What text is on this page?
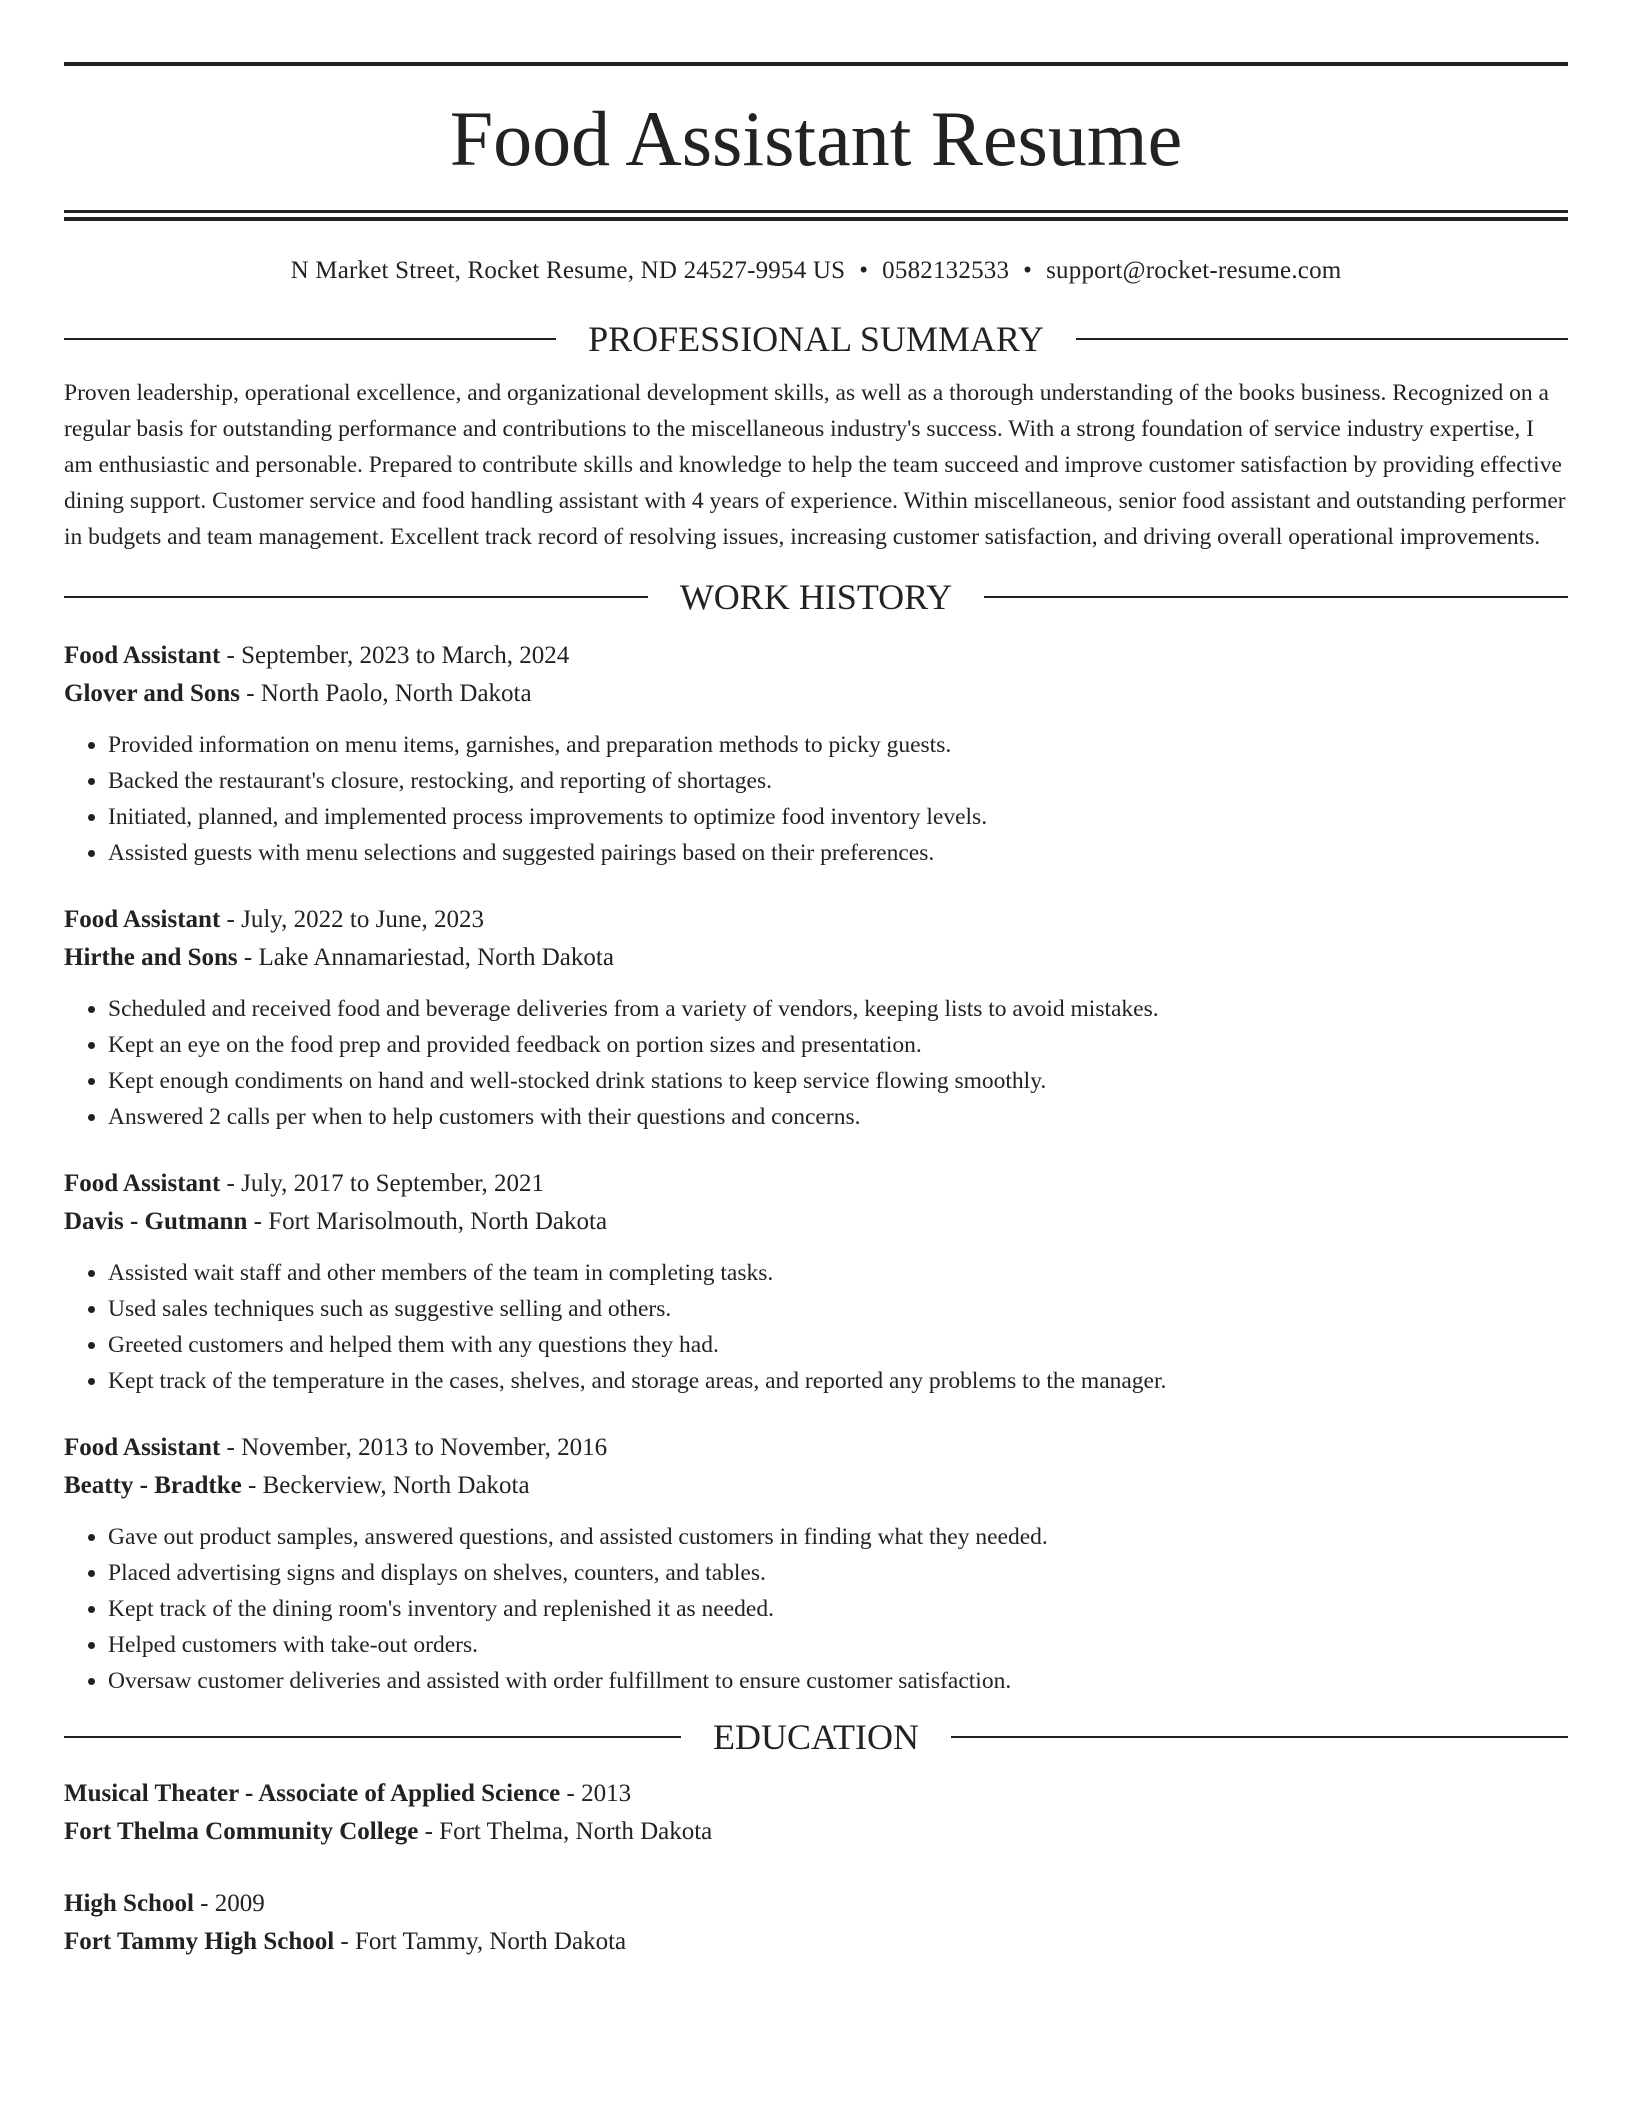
Food Assistant Resume
N Market Street, Rocket Resume, ND 24527-9954 US • 0582132533 • support@rocket-resume.com
PROFESSIONAL SUMMARY

Proven leadership, operational excellence, and organizational development skills, as well as a thorough understanding of the books business. Recognized on a regular basis for outstanding performance and contributions to the miscellaneous industry's success. With a strong foundation of service industry expertise, I am enthusiastic and personable. Prepared to contribute skills and knowledge to help the team succeed and improve customer satisfaction by providing effective dining support. Customer service and food handling assistant with 4 years of experience. Within miscellaneous, senior food assistant and outstanding performer in budgets and team management. Excellent track record of resolving issues, increasing customer satisfaction, and driving overall operational improvements.

WORK HISTORY
Food Assistant - September, 2023 to March, 2024
Glover and Sons - North Paolo, North Dakota
• Provided information on menu items, garnishes, and preparation methods to picky guests.
• Backed the restaurant's closure, restocking, and reporting of shortages.
• Initiated, planned, and implemented process improvements to optimize food inventory levels.
• Assisted guests with menu selections and suggested pairings based on their preferences.
Food Assistant - July, 2022 to June, 2023
Hirthe and Sons - Lake Annamariestad, North Dakota
• Scheduled and received food and beverage deliveries from a variety of vendors, keeping lists to avoid mistakes.
• Kept an eye on the food prep and provided feedback on portion sizes and presentation.
• Kept enough condiments on hand and well-stocked drink stations to keep service flowing smoothly.
• Answered 2 calls per when to help customers with their questions and concerns.
Food Assistant - July, 2017 to September, 2021
Davis - Gutmann - Fort Marisolmouth, North Dakota
• Assisted wait staff and other members of the team in completing tasks.
• Used sales techniques such as suggestive selling and others.
• Greeted customers and helped them with any questions they had.
• Kept track of the temperature in the cases, shelves, and storage areas, and reported any problems to the manager.
Food Assistant - November, 2013 to November, 2016
Beatty - Bradtke - Beckerview, North Dakota
• Gave out product samples, answered questions, and assisted customers in finding what they needed.
• Placed advertising signs and displays on shelves, counters, and tables.
• Kept track of the dining room's inventory and replenished it as needed.
• Helped customers with take-out orders.
• Oversaw customer deliveries and assisted with order fulfillment to ensure customer satisfaction.
EDUCATION
Musical Theater - Associate of Applied Science - 2013
Fort Thelma Community College - Fort Thelma, North Dakota
High School - 2009
Fort Tammy High School - Fort Tammy, North Dakota
